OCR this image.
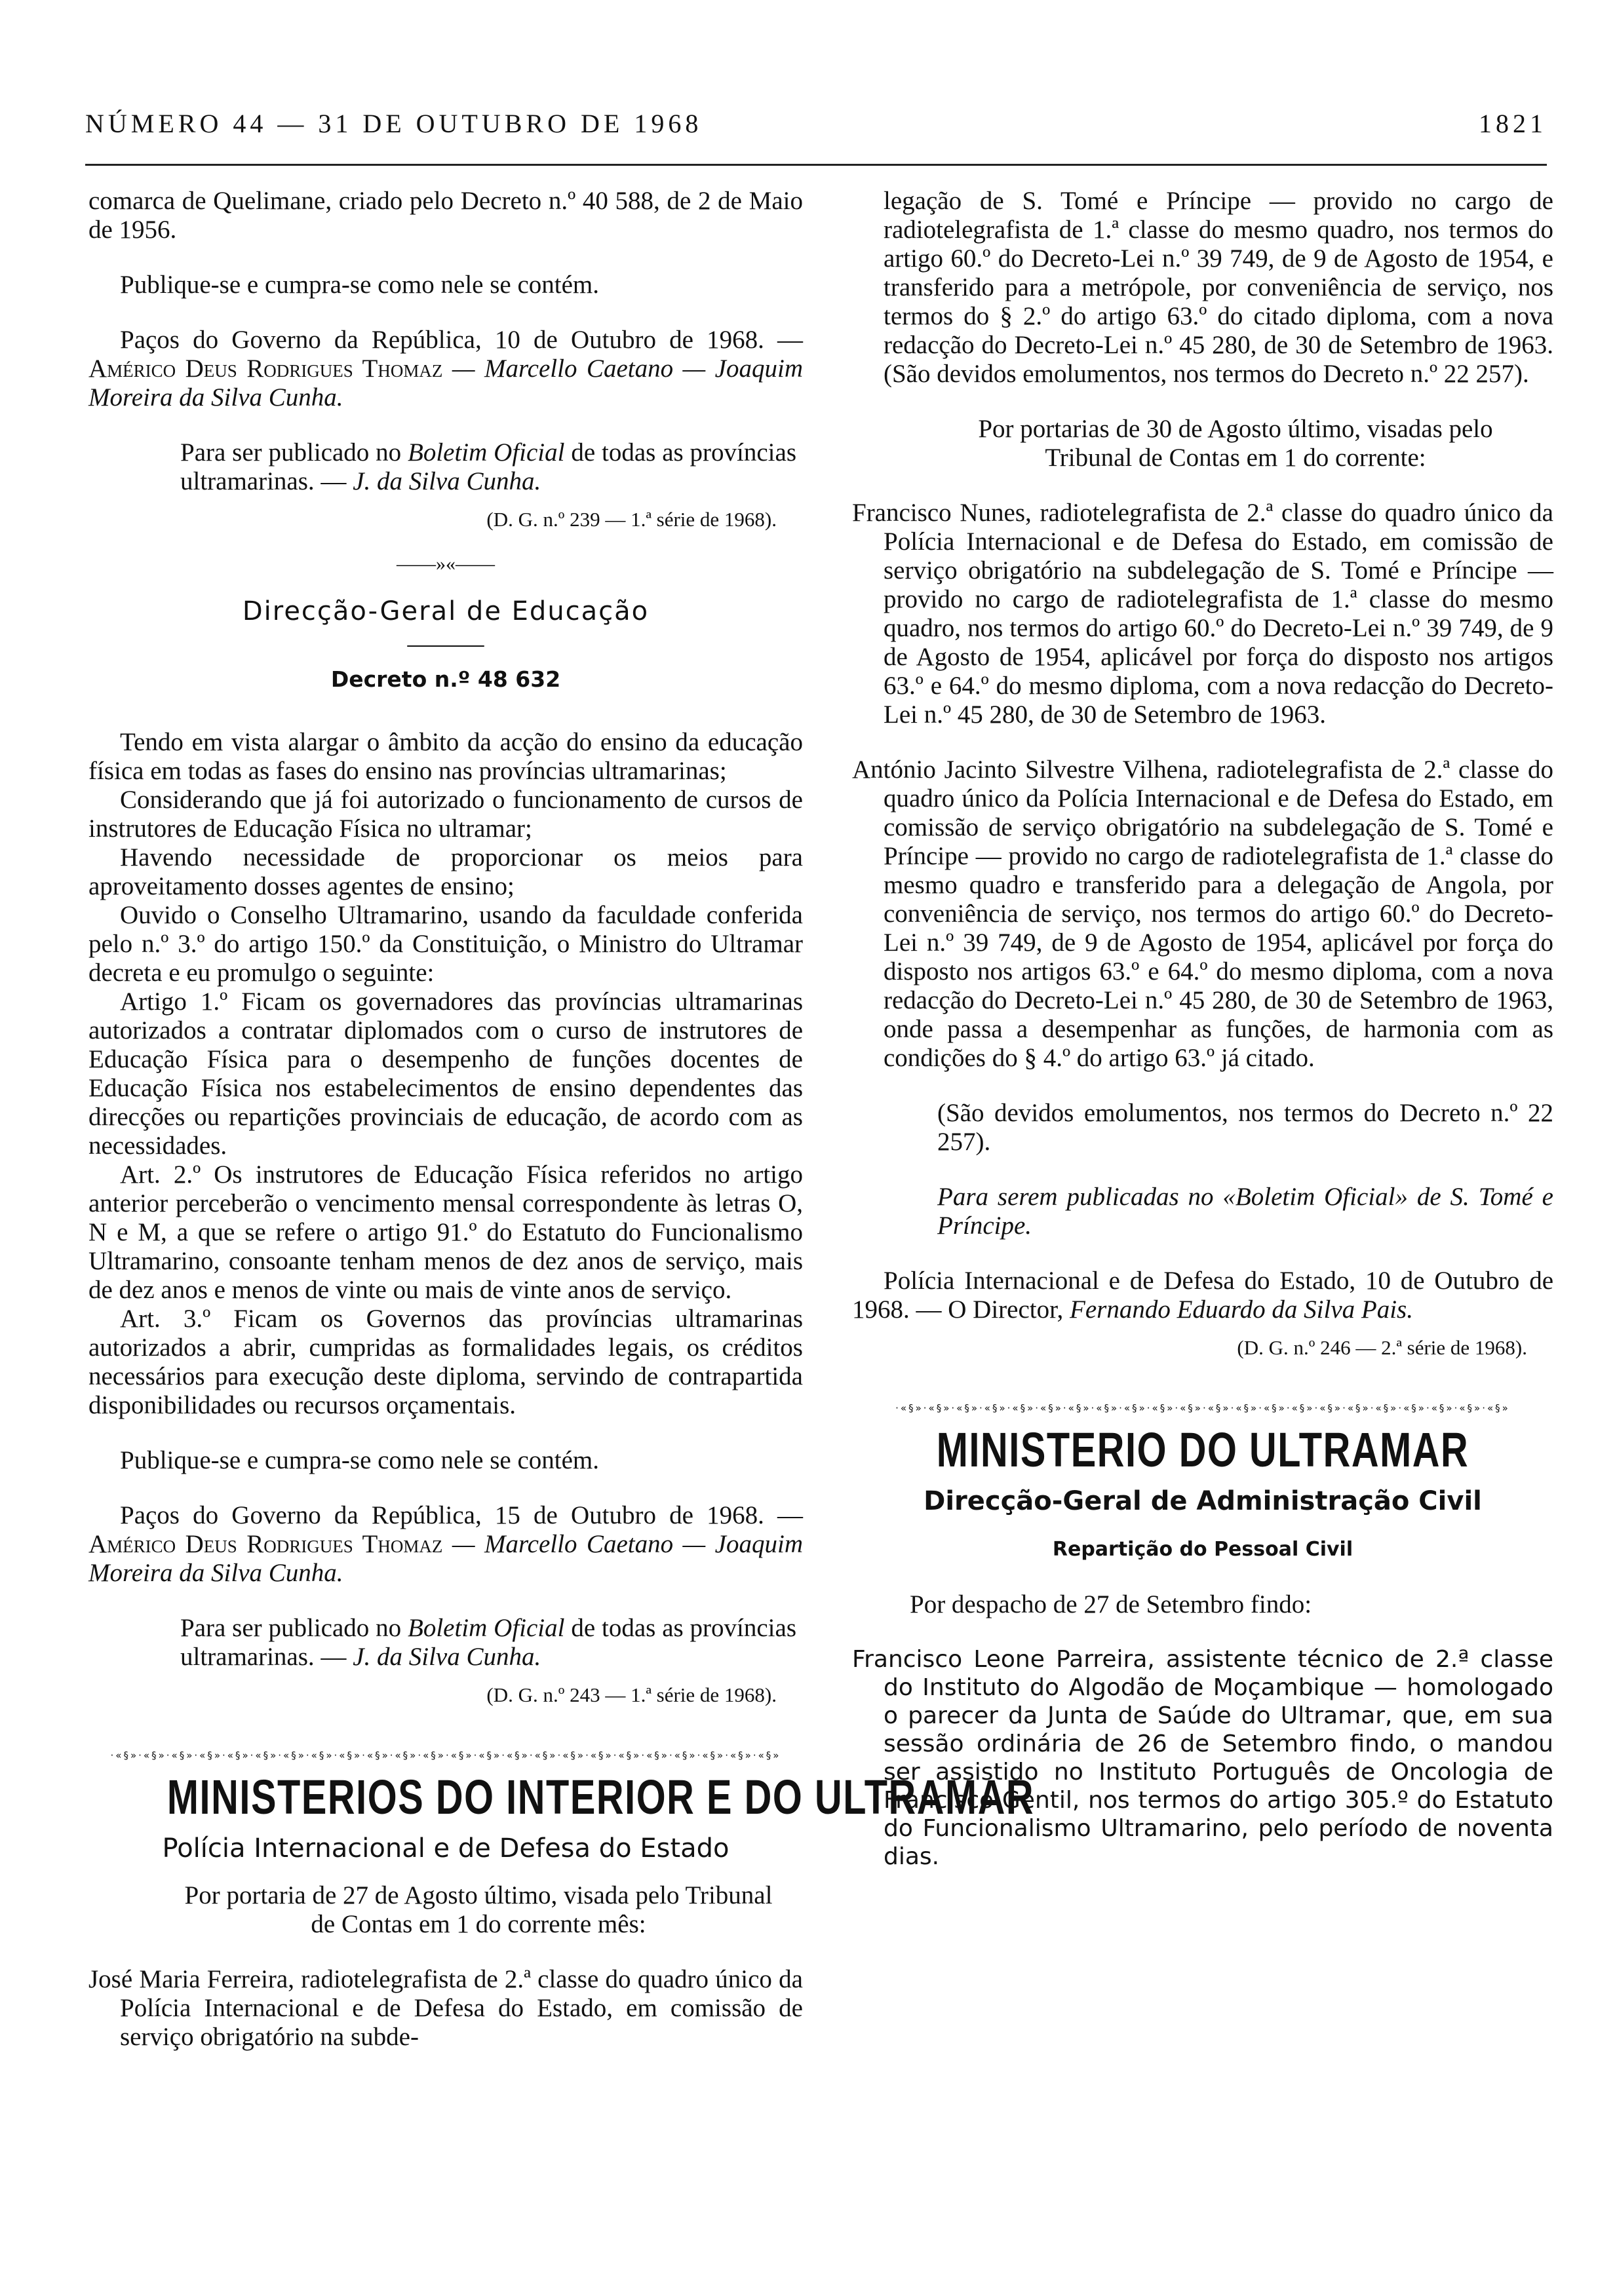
NÚMERO 44 — 31 DE OUTUBRO DE 1968	1821

comarca de Quelimane, criado pelo Decreto n.º 40 588, de 2 de Maio de 1956.

Publique-se e cumpra-se como nele se contém.

Paços do Governo da República, 10 de Outubro de 1968. — Américo Deus Rodrigues Thomaz — Marcello Caetano — Joaquim Moreira da Silva Cunha.

Para ser publicado no Boletim Oficial de todas as províncias ultramarinas. — J. da Silva Cunha.

(D. G. n.º 239 — 1.ª série de 1968).

——»«——

Direcção-Geral de Educação

———

Decreto n.º 48 632

Tendo em vista alargar o âmbito da acção do ensino da educação física em todas as fases do ensino nas províncias ultramarinas;

Considerando que já foi autorizado o funcionamento de cursos de instrutores de Educação Física no ultramar;

Havendo necessidade de proporcionar os meios para aproveitamento dosses agentes de ensino;

Ouvido o Conselho Ultramarino, usando da faculdade conferida pelo n.º 3.º do artigo 150.º da Constituição, o Ministro do Ultramar decreta e eu promulgo o seguinte:

Artigo 1.º Ficam os governadores das províncias ultramarinas autorizados a contratar diplomados com o curso de instrutores de Educação Física para o desempenho de funções docentes de Educação Física nos estabelecimentos de ensino dependentes das direcções ou repartições provinciais de educação, de acordo com as necessidades.

Art. 2.º Os instrutores de Educação Física referidos no artigo anterior perceberão o vencimento mensal correspondente às letras O, N e M, a que se refere o artigo 91.º do Estatuto do Funcionalismo Ultramarino, consoante tenham menos de dez anos de serviço, mais de dez anos e menos de vinte ou mais de vinte anos de serviço.

Art. 3.º Ficam os Governos das províncias ultramarinas autorizados a abrir, cumpridas as formalidades legais, os créditos necessários para execução deste diploma, servindo de contrapartida disponibilidades ou recursos orçamentais.

Publique-se e cumpra-se como nele se contém.

Paços do Governo da República, 15 de Outubro de 1968. — Américo Deus Rodrigues Thomaz — Marcello Caetano — Joaquim Moreira da Silva Cunha.

Para ser publicado no Boletim Oficial de todas as províncias ultramarinas. — J. da Silva Cunha.

(D. G. n.º 243 — 1.ª série de 1968).

·«§»·«§»·«§»·«§»·«§»·«§»·«§»·«§»·«§»·«§»·«§»·«§»·«§»·«§»·«§»·«§»·«§»·«§»·«§»·«§»·«§»·«§»·«§»·«§»

MINISTERIOS DO INTERIOR E DO ULTRAMAR

Polícia Internacional e de Defesa do Estado

Por portaria de 27 de Agosto último, visada pelo Tribunal de Contas em 1 do corrente mês:

José Maria Ferreira, radiotelegrafista de 2.ª classe do quadro único da Polícia Internacional e de Defesa do Estado, em comissão de serviço obrigatório na subde-

legação de S. Tomé e Príncipe — provido no cargo de radiotelegrafista de 1.ª classe do mesmo quadro, nos termos do artigo 60.º do Decreto-Lei n.º 39 749, de 9 de Agosto de 1954, e transferido para a metrópole, por conveniência de serviço, nos termos do § 2.º do artigo 63.º do citado diploma, com a nova redacção do Decreto-Lei n.º 45 280, de 30 de Setembro de 1963. (São devidos emolumentos, nos termos do Decreto n.º 22 257).

Por portarias de 30 de Agosto último, visadas pelo Tribunal de Contas em 1 do corrente:

Francisco Nunes, radiotelegrafista de 2.ª classe do quadro único da Polícia Internacional e de Defesa do Estado, em comissão de serviço obrigatório na subdelegação de S. Tomé e Príncipe — provido no cargo de radiotelegrafista de 1.ª classe do mesmo quadro, nos termos do artigo 60.º do Decreto-Lei n.º 39 749, de 9 de Agosto de 1954, aplicável por força do disposto nos artigos 63.º e 64.º do mesmo diploma, com a nova redacção do Decreto-Lei n.º 45 280, de 30 de Setembro de 1963.

António Jacinto Silvestre Vilhena, radiotelegrafista de 2.ª classe do quadro único da Polícia Internacional e de Defesa do Estado, em comissão de serviço obrigatório na subdelegação de S. Tomé e Príncipe — provido no cargo de radiotelegrafista de 1.ª classe do mesmo quadro e transferido para a delegação de Angola, por conveniência de serviço, nos termos do artigo 60.º do Decreto-Lei n.º 39 749, de 9 de Agosto de 1954, aplicável por força do disposto nos artigos 63.º e 64.º do mesmo diploma, com a nova redacção do Decreto-Lei n.º 45 280, de 30 de Setembro de 1963, onde passa a desempenhar as funções, de harmonia com as condições do § 4.º do artigo 63.º já citado.

(São devidos emolumentos, nos termos do Decreto n.º 22 257).

Para serem publicadas no «Boletim Oficial» de S. Tomé e Príncipe.

Polícia Internacional e de Defesa do Estado, 10 de Outubro de 1968. — O Director, Fernando Eduardo da Silva Pais.

(D. G. n.º 246 — 2.ª série de 1968).

·«§»·«§»·«§»·«§»·«§»·«§»·«§»·«§»·«§»·«§»·«§»·«§»·«§»·«§»·«§»·«§»·«§»·«§»·«§»·«§»·«§»·«§»

MINISTERIO DO ULTRAMAR

Direcção-Geral de Administração Civil

Repartição do Pessoal Civil

Por despacho de 27 de Setembro findo:

Francisco Leone Parreira, assistente técnico de 2.ª classe do Instituto do Algodão de Moçambique — homologado o parecer da Junta de Saúde do Ultramar, que, em sua sessão ordinária de 26 de Setembro findo, o mandou ser assistido no Instituto Português de Oncologia de Francisco Gentil, nos termos do artigo 305.º do Estatuto do Funcionalismo Ultramarino, pelo período de noventa dias.
